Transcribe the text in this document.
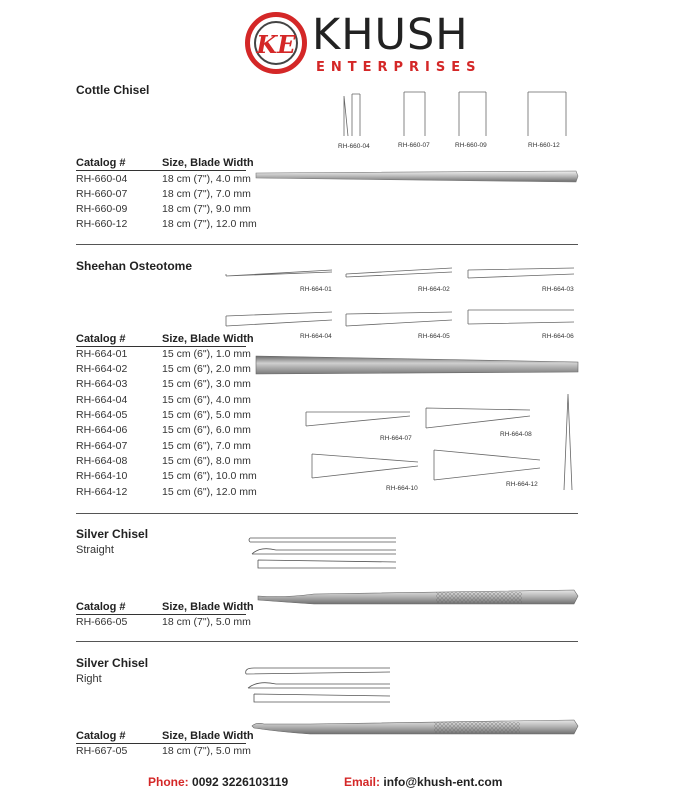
KE KHUSH
ENTERPRISES
Cottle Chisel
RH-660-04	RH-660-07	RH-660-09	RH-660-12
Catalog #	Size, Blade Width
RH-660-04	18 cm (7"), 4.0 mm
RH-660-07	18 cm (7"), 7.0 mm
RH-660-09	18 cm (7"), 9.0 mm
RH-660-12	18 cm (7"), 12.0 mm
Sheehan Osteotome
RH-664-01	RH-664-02	RH-664-03
RH-664-04	RH-664-05	RH-664-06
Catalog #	Size, Blade Width
RH-664-01	15 cm (6"), 1.0 mm
RH-664-02	15 cm (6"), 2.0 mm
RH-664-03	15 cm (6"), 3.0 mm
RH-664-04	15 cm (6"), 4.0 mm
RH-664-05	15 cm (6"), 5.0 mm
RH-664-06	15 cm (6"), 6.0 mm
RH-664-07	15 cm (6"), 7.0 mm
RH-664-08	15 cm (6"), 8.0 mm
RH-664-10	15 cm (6"), 10.0 mm
RH-664-12	15 cm (6"), 12.0 mm
RH-664-07
RH-664-08
RH-664-10
RH-664-12
Silver Chisel
Straight
Catalog #	Size, Blade Width
RH-666-05	18 cm (7"), 5.0 mm
Silver Chisel
Right
Catalog #	Size, Blade Width
RH-667-05	18 cm (7"), 5.0 mm
Phone: 0092 3226103119	Email: info@khush-ent.com
